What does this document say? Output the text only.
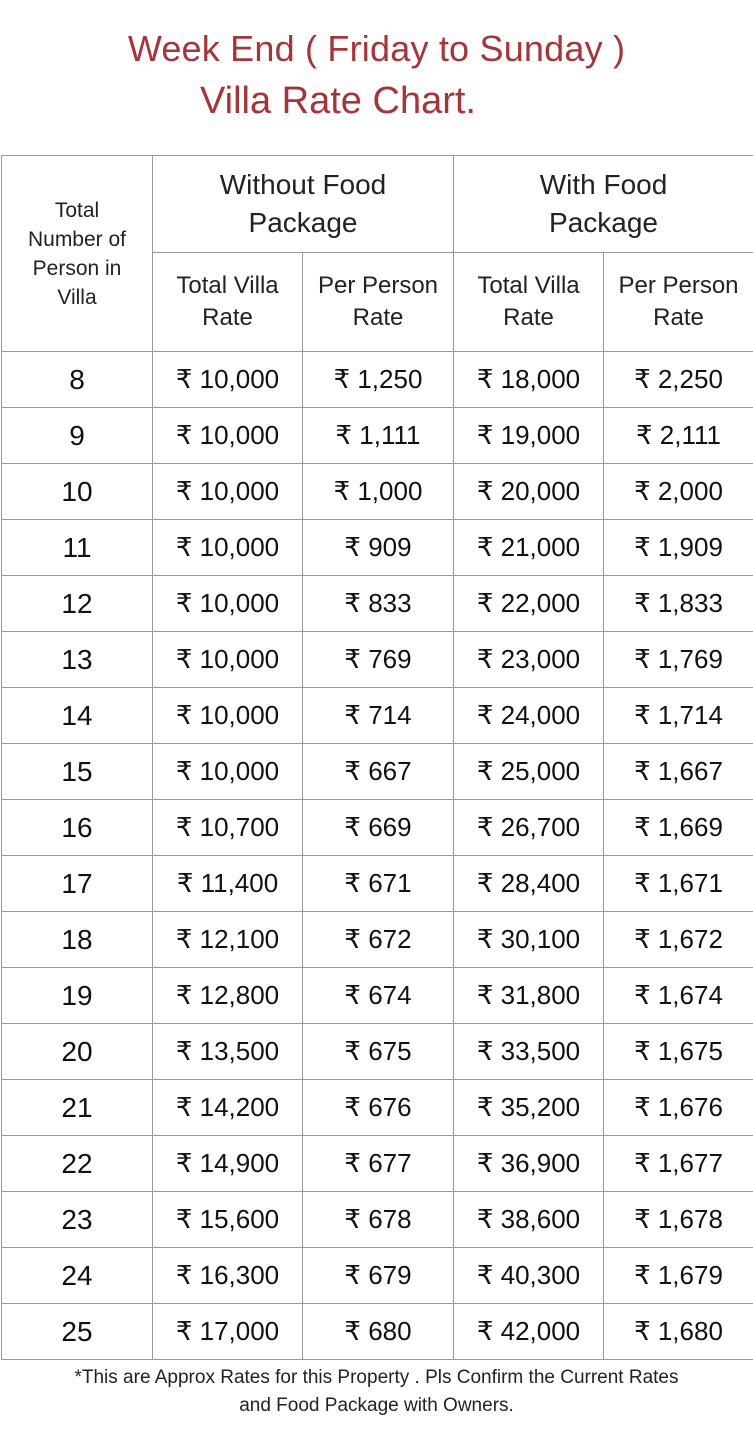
Week End ( Friday to Sunday )
Villa Rate Chart.
Total Number of Person in Villa	Without Food Package		With Food Package	

	Total Villa Rate	Per Person Rate	Total Villa Rate	Per Person Rate

8	₹ 10,000	₹ 1,250	₹ 18,000	₹ 2,250
9	₹ 10,000	₹ 1,111	₹ 19,000	₹ 2,111
10	₹ 10,000	₹ 1,000	₹ 20,000	₹ 2,000
11	₹ 10,000	₹ 909	₹ 21,000	₹ 1,909
12	₹ 10,000	₹ 833	₹ 22,000	₹ 1,833
13	₹ 10,000	₹ 769	₹ 23,000	₹ 1,769
14	₹ 10,000	₹ 714	₹ 24,000	₹ 1,714
15	₹ 10,000	₹ 667	₹ 25,000	₹ 1,667
16	₹ 10,700	₹ 669	₹ 26,700	₹ 1,669
17	₹ 11,400	₹ 671	₹ 28,400	₹ 1,671
18	₹ 12,100	₹ 672	₹ 30,100	₹ 1,672
19	₹ 12,800	₹ 674	₹ 31,800	₹ 1,674
20	₹ 13,500	₹ 675	₹ 33,500	₹ 1,675
21	₹ 14,200	₹ 676	₹ 35,200	₹ 1,676
22	₹ 14,900	₹ 677	₹ 36,900	₹ 1,677
23	₹ 15,600	₹ 678	₹ 38,600	₹ 1,678
24	₹ 16,300	₹ 679	₹ 40,300	₹ 1,679
25	₹ 17,000	₹ 680	₹ 42,000	₹ 1,680
*This are Approx Rates for this Property . Pls Confirm the Current Rates
and Food Package with Owners.
